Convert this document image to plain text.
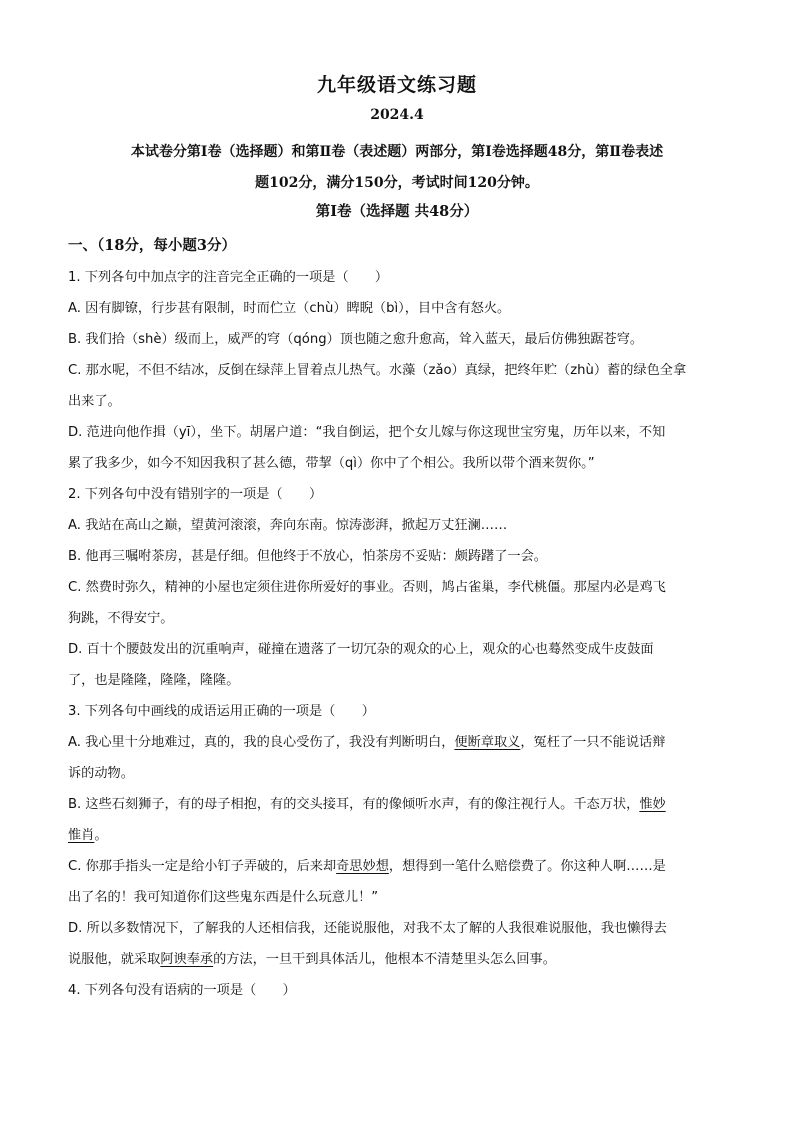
九年级语文练习题
2024.4
本试卷分第Ⅰ卷（选择题）和第Ⅱ卷（表述题）两部分，第Ⅰ卷选择题48分，第Ⅱ卷表述
题102分，满分150分，考试时间120分钟。
第Ⅰ卷（选择题 共48分）
一、（18分，每小题3分）
1. 下列各句中加点字的注音完全正确的一项是（　　）
A. 因有脚镣，行步甚有限制，时而伫立（chù）睥睨（bì），目中含有怒火。
B. 我们拾（shè）级而上，威严的穹（qóng）顶也随之愈升愈高，耸入蓝天，最后仿佛独踞苍穹。
C. 那水呢，不但不结冰，反倒在绿萍上冒着点儿热气。水藻（zǎo）真绿，把终年贮（zhù）蓄的绿色全拿
出来了。
D. 范进向他作揖（yī），坐下。胡屠户道：“我自倒运，把个女儿嫁与你这现世宝穷鬼，历年以来，不知
累了我多少，如今不知因我积了甚么德，带挈（qì）你中了个相公。我所以带个酒来贺你。”
2. 下列各句中没有错别字的一项是（　　）
A. 我站在高山之巅，望黄河滚滚，奔向东南。惊涛澎湃，掀起万丈狂澜……
B. 他再三嘱咐茶房，甚是仔细。但他终于不放心，怕茶房不妥贴：颇踌躇了一会。
C. 然费时弥久，精神的小屋也定须住进你所爱好的事业。否则，鸠占雀巢，李代桃僵。那屋内必是鸡飞
狗跳，不得安宁。
D. 百十个腰鼓发出的沉重响声，碰撞在遗落了一切冗杂的观众的心上，观众的心也蓦然变成牛皮鼓面
了，也是隆隆，隆隆，隆隆。
3. 下列各句中画线的成语运用正确的一项是（　　）
A. 我心里十分地难过，真的，我的良心受伤了，我没有判断明白，便断章取义，冤枉了一只不能说话辩
诉的动物。
B. 这些石刻狮子，有的母子相抱，有的交头接耳，有的像倾听水声，有的像注视行人。千态万状，惟妙
惟肖。
C. 你那手指头一定是给小钉子弄破的，后来却奇思妙想，想得到一笔什么赔偿费了。你这种人啊……是
出了名的！我可知道你们这些鬼东西是什么玩意儿！”
D. 所以多数情况下，了解我的人还相信我，还能说服他，对我不太了解的人我很难说服他，我也懒得去
说服他，就采取阿谀奉承的方法，一旦干到具体活儿，他根本不清楚里头怎么回事。
4. 下列各句没有语病的一项是（　　）
